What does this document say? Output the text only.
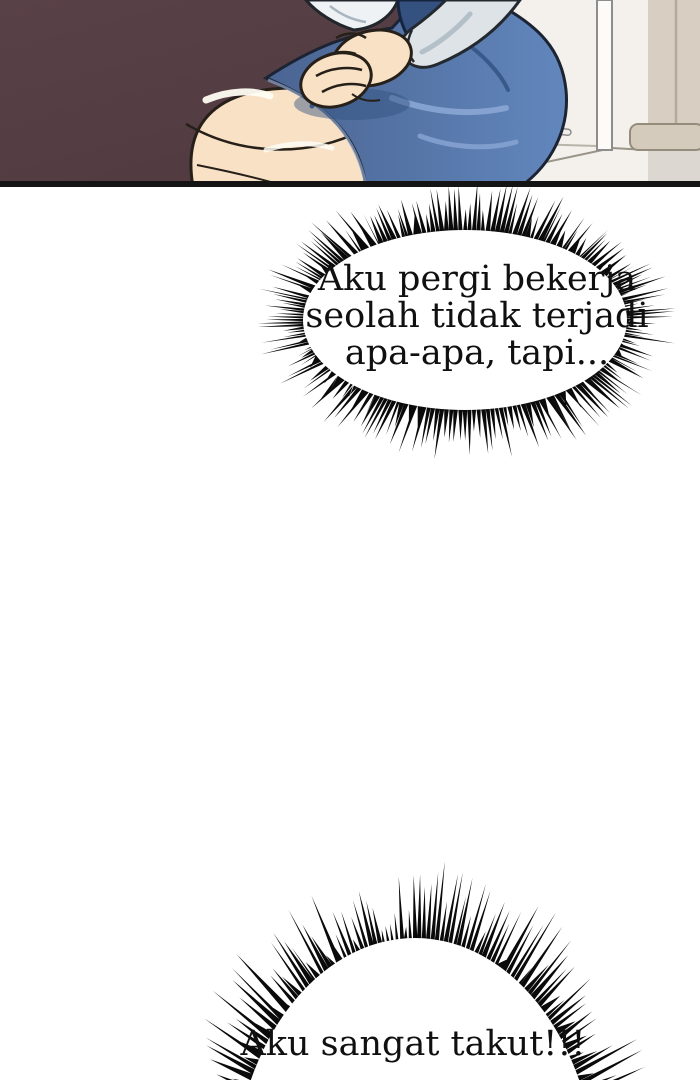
Aku pergi bekerja
seolah tidak terjadi
apa-apa, tapi...
Aku sangat takut!!!
